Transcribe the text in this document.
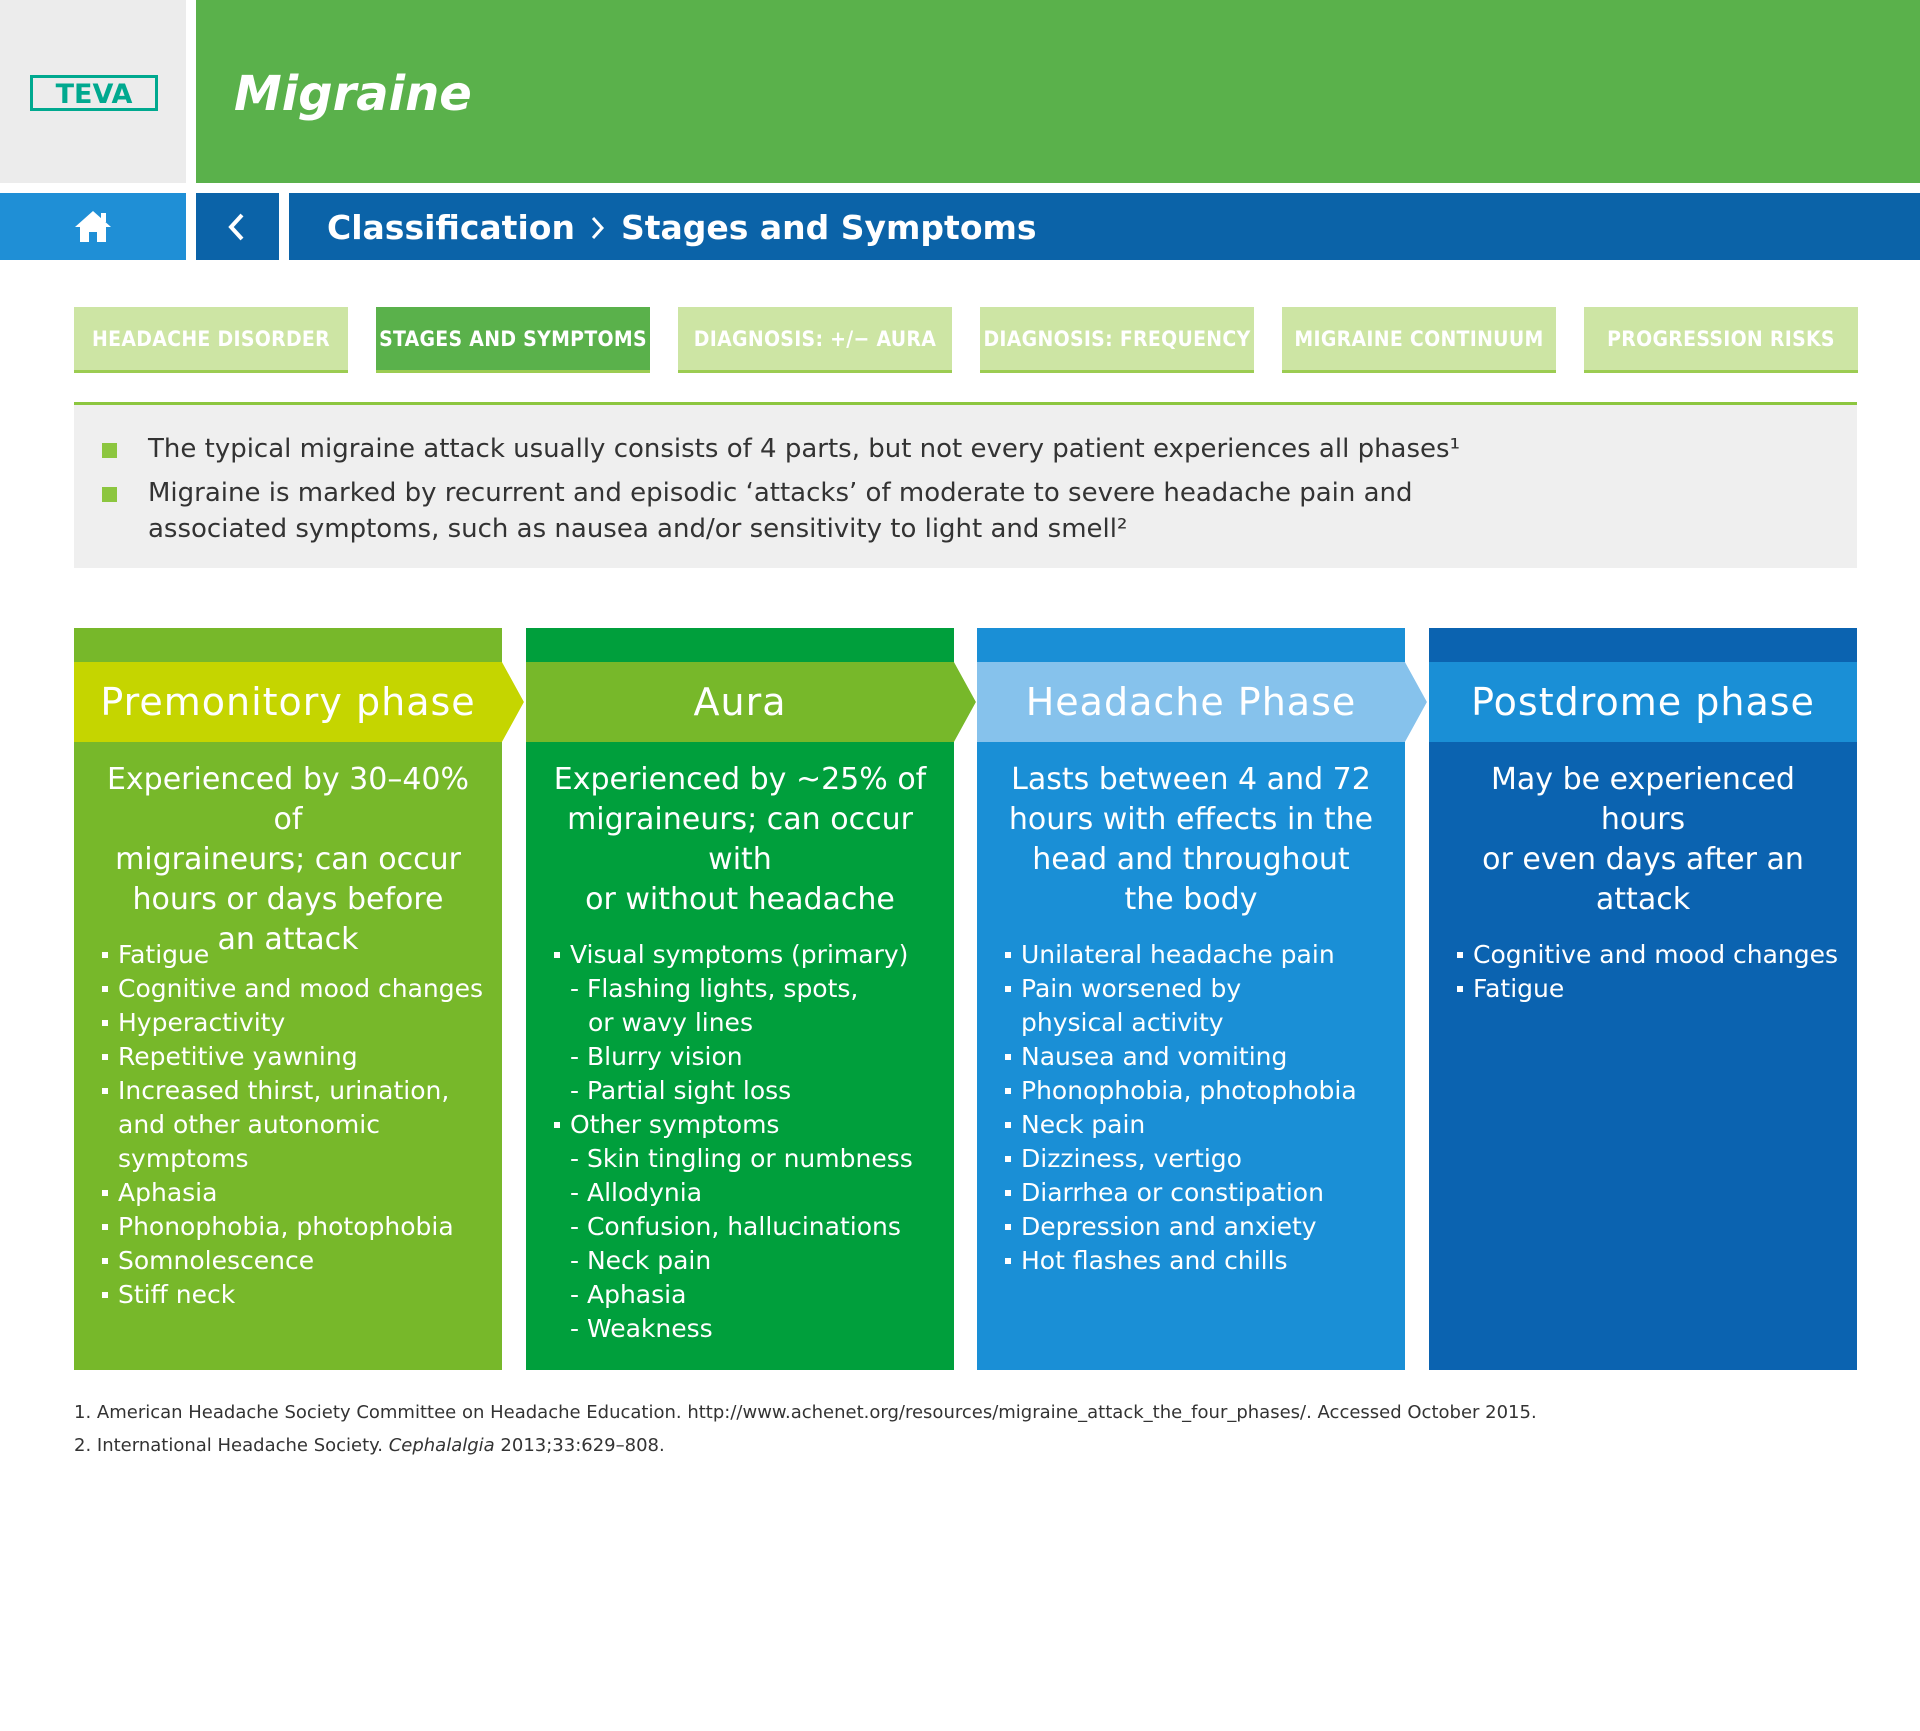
TEVA Migraine
Classification Stages and Symptoms
HEADACHE DISORDER	STAGES AND SYMPTOMS	DIAGNOSIS: +/− AURA	DIAGNOSIS: FREQUENCY	MIGRAINE CONTINUUM	PROGRESSION RISKS
The typical migraine attack usually consists of 4 parts, but not every patient experiences all phases¹
Migraine is marked by recurrent and episodic ‘attacks’ of moderate to severe headache pain and
associated symptoms, such as nausea and/or sensitivity to light and smell²
Premonitory phase
Experienced by 30–40% of
migraineurs; can occur
hours or days before
an attack
Fatigue
Cognitive and mood changes
Hyperactivity
Repetitive yawning
Increased thirst, urination,
and other autonomic symptoms
Aphasia
Phonophobia, photophobia
Somnolescence
Stiff neck
Aura
Experienced by ~25% of
migraineurs; can occur with
or without headache
Visual symptoms (primary)
- Flashing lights, spots,
or wavy lines
- Blurry vision
- Partial sight loss
Other symptoms
- Skin tingling or numbness
- Allodynia
- Confusion, hallucinations
- Neck pain
- Aphasia
- Weakness
Headache Phase
Lasts between 4 and 72
hours with effects in the
head and throughout
the body
Unilateral headache pain
Pain worsened by
physical activity
Nausea and vomiting
Phonophobia, photophobia
Neck pain
Dizziness, vertigo
Diarrhea or constipation
Depression and anxiety
Hot flashes and chills
Postdrome phase
May be experienced hours
or even days after an attack
Cognitive and mood changes
Fatigue
1. American Headache Society Committee on Headache Education. http://www.achenet.org/resources/migraine_attack_the_four_phases/. Accessed October 2015.
2. International Headache Society. Cephalalgia 2013;33:629–808.
